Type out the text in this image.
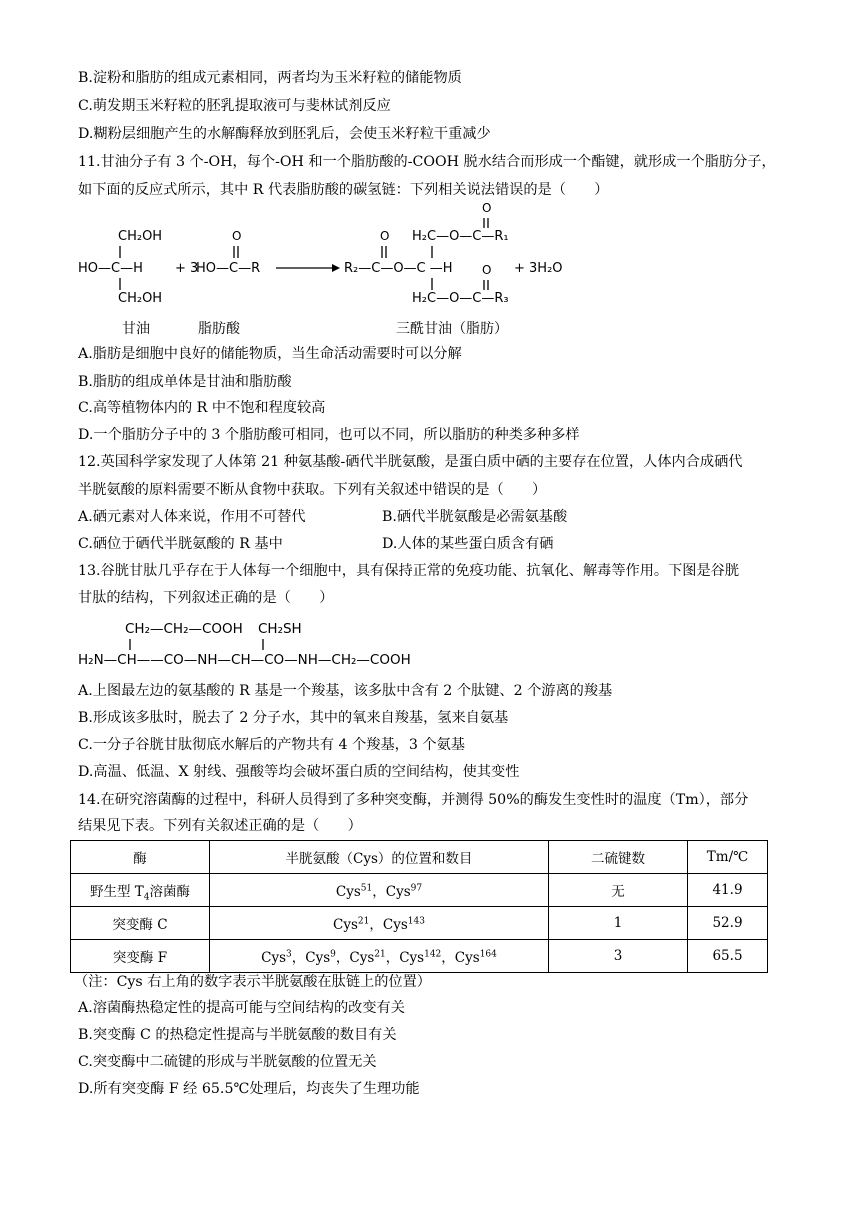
B.淀粉和脂肪的组成元素相同，两者均为玉米籽粒的储能物质
C.萌发期玉米籽粒的胚乳提取液可与斐林试剂反应
D.糊粉层细胞产生的水解酶释放到胚乳后，会使玉米籽粒干重减少
11.甘油分子有 3 个-OH，每个-OH 和一个脂肪酸的-COOH 脱水结合而形成一个酯键，就形成一个脂肪分子，
如下面的反应式所示，其中 R 代表脂肪酸的碳氢链：下列相关说法错误的是（　　）
CH₂OH
HO—C—H
CH₂OH
+ 3
O
HO—C—R
O
R₂—C—O—C —H
O
H₂C—O—C—R₁
O
H₂C—O—C—R₃
+ 3H₂O
甘油	脂肪酸	三酰甘油（脂肪）
A.脂肪是细胞中良好的储能物质，当生命活动需要时可以分解
B.脂肪的组成单体是甘油和脂肪酸
C.高等植物体内的 R 中不饱和程度较高
D.一个脂肪分子中的 3 个脂肪酸可相同，也可以不同，所以脂肪的种类多种多样
12.英国科学家发现了人体第 21 种氨基酸-硒代半胱氨酸，是蛋白质中硒的主要存在位置，人体内合成硒代
半胱氨酸的原料需要不断从食物中获取。下列有关叙述中错误的是（　　）
A.硒元素对人体来说，作用不可替代	B.硒代半胱氨酸是必需氨基酸
C.硒位于硒代半胱氨酸的 R 基中	D.人体的某些蛋白质含有硒
13.谷胱甘肽几乎存在于人体每一个细胞中，具有保持正常的免疫功能、抗氧化、解毒等作用。下图是谷胱
甘肽的结构，下列叙述正确的是（　　）
CH₂—CH₂—COOH CH₂SH
H₂N—CH——CO—NH—CH—CO—NH—CH₂—COOH
A.上图最左边的氨基酸的 R 基是一个羧基，该多肽中含有 2 个肽键、2 个游离的羧基
B.形成该多肽时，脱去了 2 分子水，其中的氧来自羧基，氢来自氨基
C.一分子谷胱甘肽彻底水解后的产物共有 4 个羧基，3 个氨基
D.高温、低温、X 射线、强酸等均会破坏蛋白质的空间结构，使其变性
14.在研究溶菌酶的过程中，科研人员得到了多种突变酶，并测得 50%的酶发生变性时的温度（Tm），部分
结果见下表。下列有关叙述正确的是（　　）
酶	半胱氨酸（Cys）的位置和数目	二硫键数	Tm/℃
野生型 $T_4$溶菌酶	Cys$^{51}$，Cys$^{97}$	无	41.9
突变酶 C	Cys$^{21}$，Cys$^{143}$	1	52.9
突变酶 F	Cys$^3$，Cys$^9$，Cys$^{21}$，Cys$^{142}$，Cys$^{164}$	3	65.5
（注：Cys 右上角的数字表示半胱氨酸在肽链上的位置）
A.溶菌酶热稳定性的提高可能与空间结构的改变有关
B.突变酶 C 的热稳定性提高与半胱氨酸的数目有关
C.突变酶中二硫键的形成与半胱氨酸的位置无关
D.所有突变酶 F 经 65.5℃处理后，均丧失了生理功能
